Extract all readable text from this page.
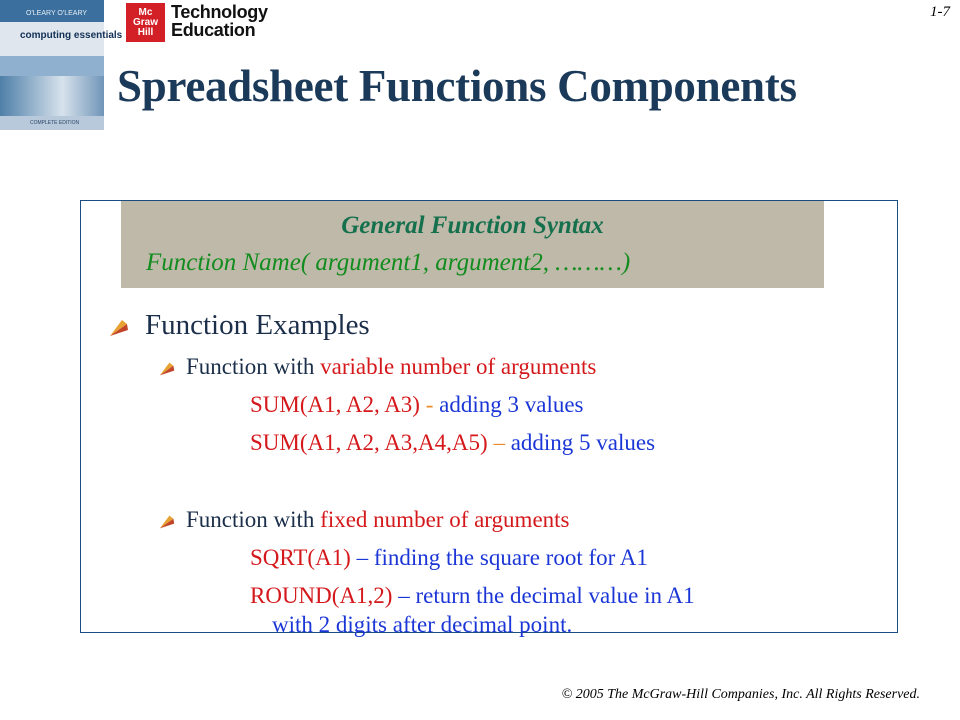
O'LEARY O'LEARY
computing essentials
COMPLETE EDITION
Mc
Graw
Hill
Technology
Education
1-7
Spreadsheet Functions Components
General Function Syntax
Function Name( argument1, argument2, ………)
Function Examples
Function with variable number of arguments
SUM(A1, A2, A3) - adding 3 values
SUM(A1, A2, A3,A4,A5) – adding 5 values
Function with fixed number of arguments
SQRT(A1) – finding the square root for A1
ROUND(A1,2) – return the decimal value in A1
with 2 digits after decimal point.
© 2005 The McGraw-Hill Companies, Inc. All Rights Reserved.
